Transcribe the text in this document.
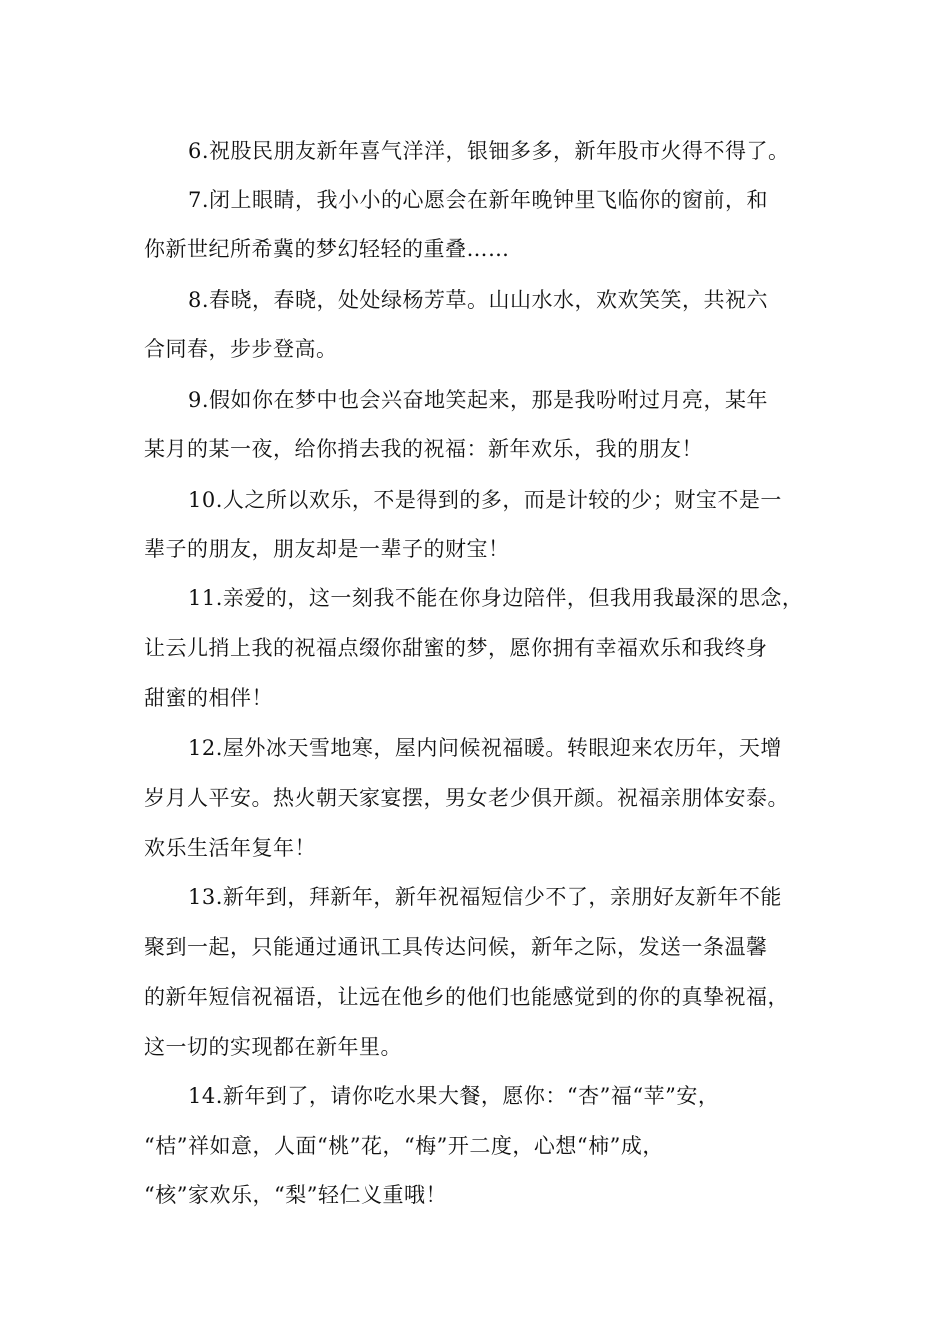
6.祝股民朋友新年喜气洋洋，银钿多多，新年股市火得不得了。
7.闭上眼睛，我小小的心愿会在新年晚钟里飞临你的窗前，和
你新世纪所希冀的梦幻轻轻的重叠……
8.春晓，春晓，处处绿杨芳草。山山水水，欢欢笑笑，共祝六
合同春，步步登高。
9.假如你在梦中也会兴奋地笑起来，那是我吩咐过月亮，某年
某月的某一夜，给你捎去我的祝福：新年欢乐，我的朋友！
10.人之所以欢乐，不是得到的多，而是计较的少；财宝不是一
辈子的朋友，朋友却是一辈子的财宝！
11.亲爱的，这一刻我不能在你身边陪伴，但我用我最深的思念，
让云儿捎上我的祝福点缀你甜蜜的梦，愿你拥有幸福欢乐和我终身
甜蜜的相伴！
12.屋外冰天雪地寒，屋内问候祝福暖。转眼迎来农历年，天增
岁月人平安。热火朝天家宴摆，男女老少俱开颜。祝福亲朋体安泰。
欢乐生活年复年！
13.新年到，拜新年，新年祝福短信少不了，亲朋好友新年不能
聚到一起，只能通过通讯工具传达问候，新年之际，发送一条温馨
的新年短信祝福语，让远在他乡的他们也能感觉到的你的真挚祝福，
这一切的实现都在新年里。
14.新年到了，请你吃水果大餐，愿你：“杏”福“苹”安，
“桔”祥如意，人面“桃”花，“梅”开二度，心想“柿”成，
“核”家欢乐，“梨”轻仁义重哦！
